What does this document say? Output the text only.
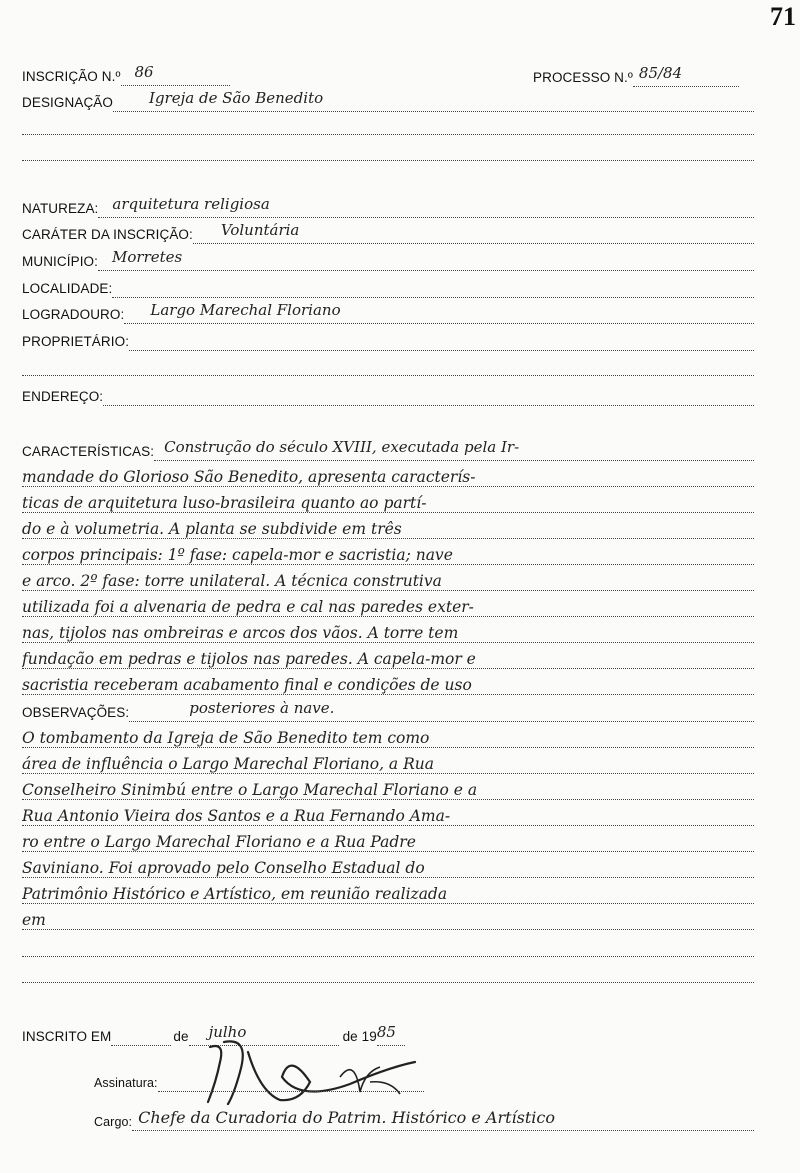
71
INSCRIÇÃO N.º 86	PROCESSO N.º 85/84
DESIGNAÇÃO	Igreja de São Benedito
NATUREZA: arquitetura religiosa
CARÁTER DA INSCRIÇÃO:	Voluntária
MUNICÍPIO: Morretes
LOCALIDADE:
LOGRADOURO:	Largo Marechal Floriano
PROPRIETÁRIO:
ENDEREÇO:
CARACTERÍSTICAS: Construção do século XVIII, executada pela Ir-
mandade do Glorioso São Benedito, apresenta caracterís-
ticas de arquitetura luso-brasileira quanto ao partí-
do e à volumetria. A planta se subdivide em três
corpos principais: 1º fase: capela-mor e sacristia; nave
e arco. 2º fase: torre unilateral. A técnica construtiva
utilizada foi a alvenaria de pedra e cal nas paredes exter-
nas, tijolos nas ombreiras e arcos dos vãos. A torre tem
fundação em pedras e tijolos nas paredes. A capela-mor e
sacristia receberam acabamento final e condições de uso
OBSERVAÇÕES:	posteriores à nave.
O tombamento da Igreja de São Benedito tem como
área de influência o Largo Marechal Floriano, a Rua
Conselheiro Sinimbú entre o Largo Marechal Floriano e a
Rua Antonio Vieira dos Santos e a Rua Fernando Ama-
ro entre o Largo Marechal Floriano e a Rua Padre
Saviniano. Foi aprovado pelo Conselho Estadual do
Patrimônio Histórico e Artístico, em reunião realizada
em
INSCRITO EM	de	julho	de 19 85
Assinatura:
Cargo: Chefe da Curadoria do Patrim. Histórico e Artístico
